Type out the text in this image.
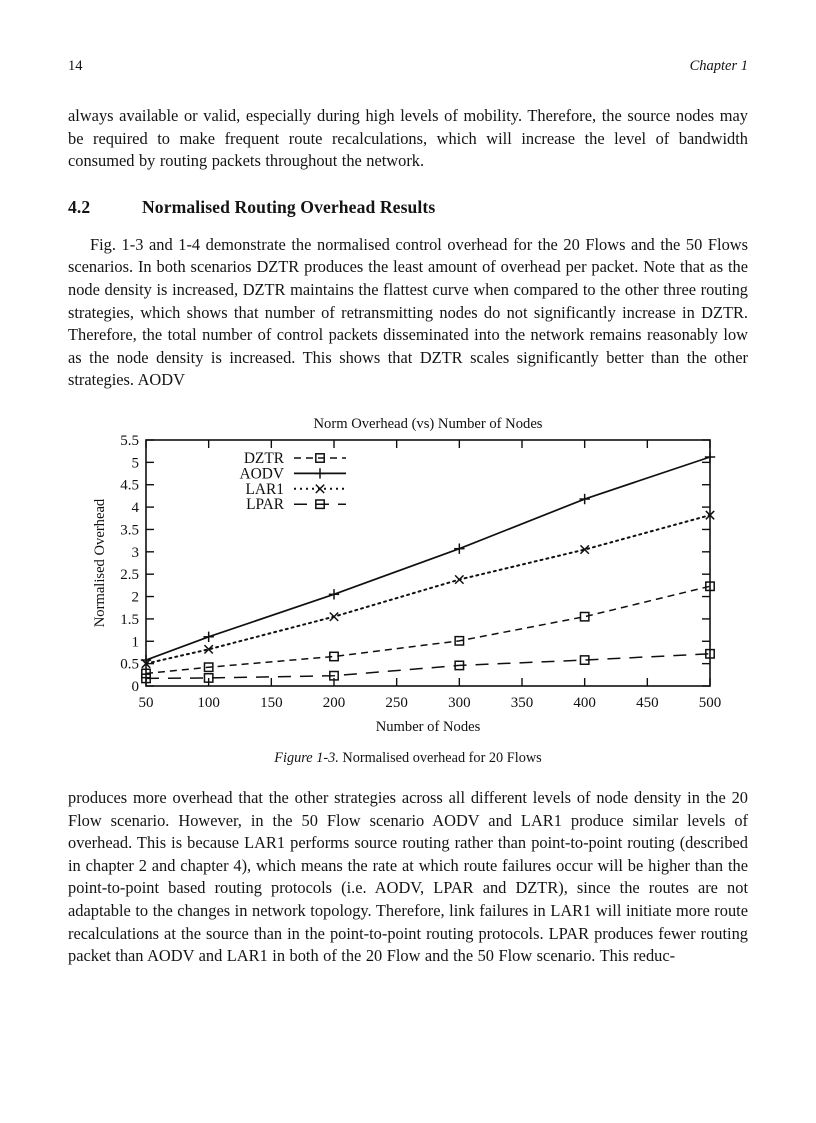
14	Chapter 1

always available or valid, especially during high levels of mobility. Therefore, the source nodes may be required to make frequent route recalculations, which will increase the level of bandwidth consumed by routing packets throughout the network.

4.2	Normalised Routing Overhead Results

Fig. 1-3 and 1-4 demonstrate the normalised control overhead for the 20 Flows and the 50 Flows scenarios. In both scenarios DZTR produces the least amount of overhead per packet. Note that as the node density is increased, DZTR maintains the flattest curve when compared to the other three routing strategies, which shows that number of retransmitting nodes do not significantly increase in DZTR. Therefore, the total number of control packets disseminated into the network remains reasonably low as the node density is increased. This shows that DZTR scales significantly better than the other strategies. AODV

Norm Overhead (vs) Number of Nodes
0
0.5
1
1.5
2
2.5
3
3.5
4
4.5
5
5.5
50	100	150	200	250	300	350	400	450	500
Number of Nodes
Normalised Overhead
DZTR
AODV
LAR1
LPAR
Figure 1-3. Normalised overhead for 20 Flows

produces more overhead that the other strategies across all different levels of node density in the 20 Flow scenario. However, in the 50 Flow scenario AODV and LAR1 produce similar levels of overhead. This is because LAR1 performs source routing rather than point-to-point routing (described in chapter 2 and chapter 4), which means the rate at which route failures occur will be higher than the point-to-point based routing protocols (i.e. AODV, LPAR and DZTR), since the routes are not adaptable to the changes in network topology. Therefore, link failures in LAR1 will initiate more route recalculations at the source than in the point-to-point routing protocols. LPAR produces fewer routing packet than AODV and LAR1 in both of the 20 Flow and the 50 Flow scenario. This reduc-
